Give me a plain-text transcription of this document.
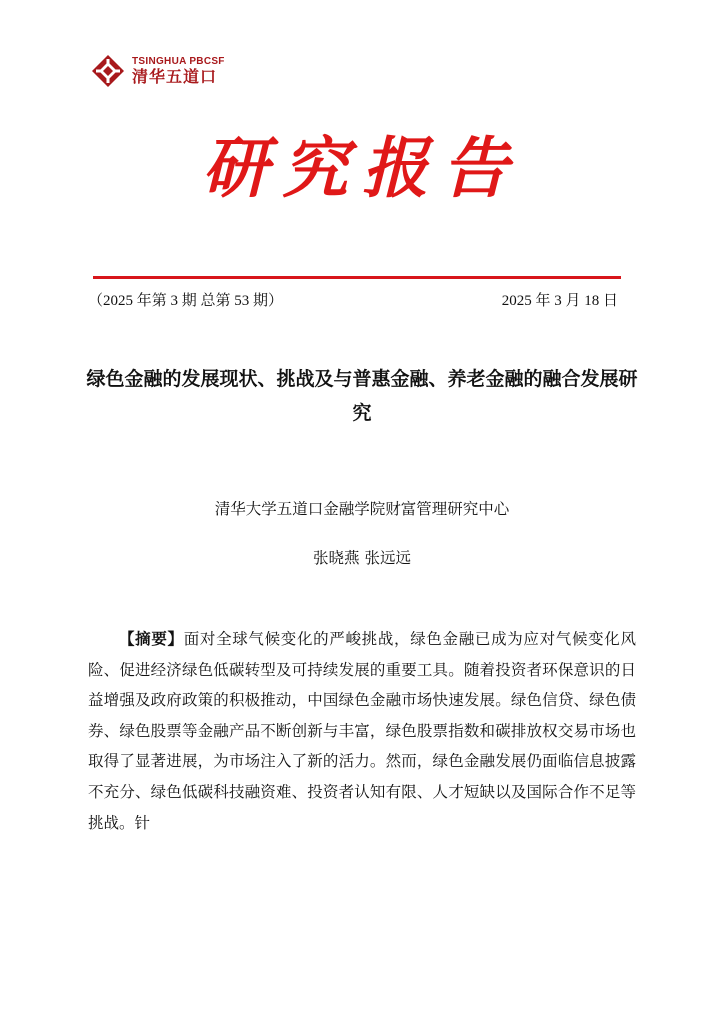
TSINGHUA PBCSF
清华五道口
研究报告
（2025 年第 3 期 总第 53 期）	2025 年 3 月 18 日
绿色金融的发展现状、挑战及与普惠金融、养老金融的融合发展研究
清华大学五道口金融学院财富管理研究中心
张晓燕 张远远

【摘要】面对全球气候变化的严峻挑战，绿色金融已成为应对气候变化风险、促进经济绿色低碳转型及可持续发展的重要工具。随着投资者环保意识的日益增强及政府政策的积极推动，中国绿色金融市场快速发展。绿色信贷、绿色债券、绿色股票等金融产品不断创新与丰富，绿色股票指数和碳排放权交易市场也取得了显著进展，为市场注入了新的活力。然而，绿色金融发展仍面临信息披露不充分、绿色低碳科技融资难、投资者认知有限、人才短缺以及国际合作不足等挑战。针
